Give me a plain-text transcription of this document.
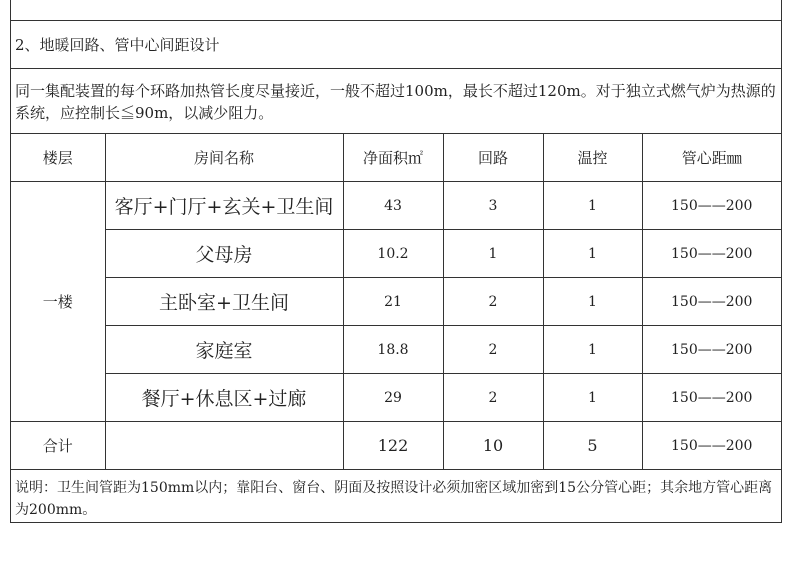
2、地暖回路、管中心间距设计
同一集配装置的每个环路加热管长度尽量接近，一般不超过100m，最长不超过120m。对于独立式燃气炉为热源的系统，应控制长≦90m，以减少阻力。
楼层	房间名称	净面积㎡	回路	温控	管心距㎜
一楼	客厅+门厅+玄关+卫生间	43	3	1	150——200
	父母房	10.2	1	1	150——200
	主卧室+卫生间	21	2	1	150——200
	家庭室	18.8	2	1	150——200
	餐厅+休息区+过廊	29	2	1	150——200
合计		122	10	5	150——200
说明：卫生间管距为150mm以内；靠阳台、窗台、阴面及按照设计必须加密区域加密到15公分管心距；其余地方管心距离为200mm。
